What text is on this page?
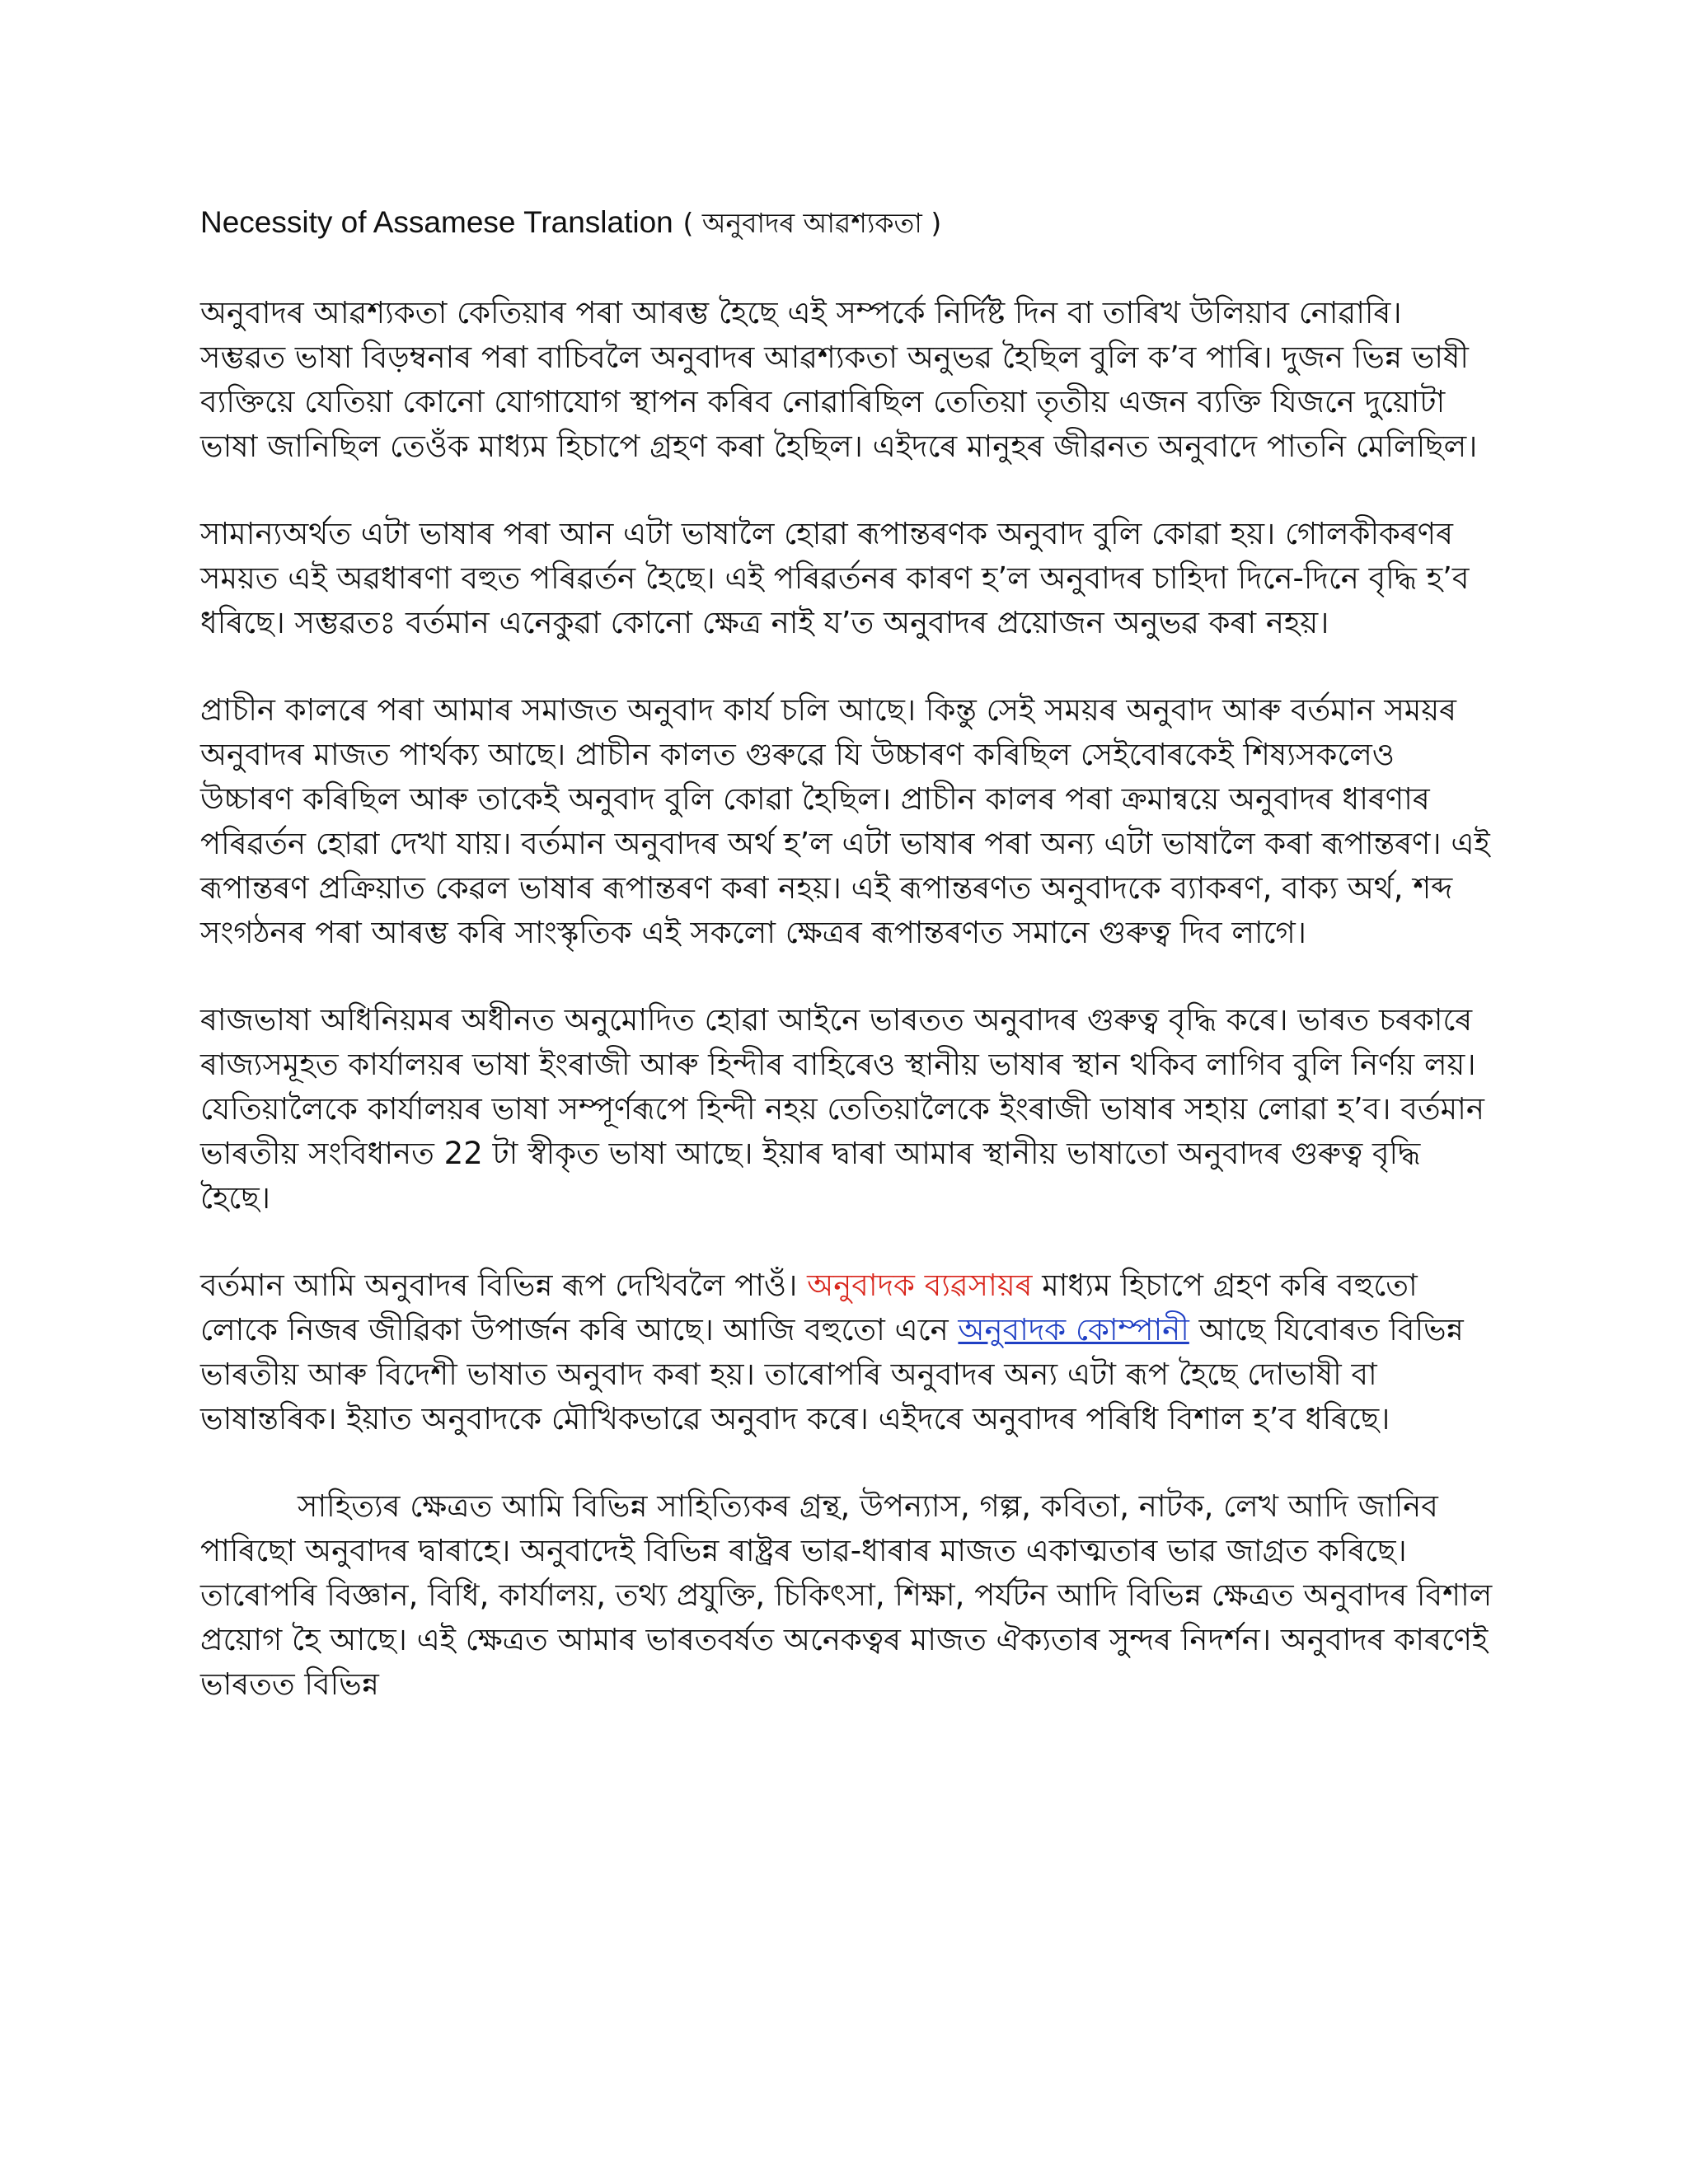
Necessity of Assamese Translation ( অনুবাদৰ আৱশ্যকতা )

অনুবাদৰ আৱশ্যকতা কেতিয়াৰ পৰা আৰম্ভ হৈছে এই সম্পৰ্কে নিৰ্দিষ্ট দিন বা তাৰিখ উলিয়াব নোৱাৰি। সম্ভৱত ভাষা বিড়ম্বনাৰ পৰা বাচিবলৈ অনুবাদৰ আৱশ্যকতা অনুভৱ হৈছিল বুলি ক’ব পাৰি। দুজন ভিন্ন ভাষী ব্যক্তিয়ে যেতিয়া কোনো যোগাযোগ স্থাপন কৰিব নোৱাৰিছিল তেতিয়া তৃতীয় এজন ব্যক্তি যিজনে দুয়োটা ভাষা জানিছিল তেওঁক মাধ্যম হিচাপে গ্ৰহণ কৰা হৈছিল। এইদৰে মানুহৰ জীৱনত অনুবাদে পাতনি মেলিছিল।

সামান্যঅৰ্থত এটা ভাষাৰ পৰা আন এটা ভাষালৈ হোৱা ৰূপান্তৰণক অনুবাদ বুলি কোৱা হয়। গোলকীকৰণৰ সময়ত এই অৱধাৰণা বহুত পৰিৱৰ্তন হৈছে। এই পৰিৱৰ্তনৰ কাৰণ হ’ল অনুবাদৰ চাহিদা দিনে-দিনে বৃদ্ধি হ’ব ধৰিছে। সম্ভৱতঃ বৰ্তমান এনেকুৱা কোনো ক্ষেত্ৰ নাই য’ত অনুবাদৰ প্ৰয়োজন অনুভৱ কৰা নহয়।

প্ৰাচীন কালৰে পৰা আমাৰ সমাজত অনুবাদ কাৰ্য চলি আছে। কিন্তু সেই সময়ৰ অনুবাদ আৰু বৰ্তমান সময়ৰ অনুবাদৰ মাজত পাৰ্থক্য আছে। প্ৰাচীন কালত গুৰুৱে যি উচ্চাৰণ কৰিছিল সেইবোৰকেই শিষ্যসকলেও উচ্চাৰণ কৰিছিল আৰু তাকেই অনুবাদ বুলি কোৱা হৈছিল। প্ৰাচীন কালৰ পৰা ক্ৰমান্বয়ে অনুবাদৰ ধাৰণাৰ পৰিৱৰ্তন হোৱা দেখা যায়। বৰ্তমান অনুবাদৰ অৰ্থ হ’ল এটা ভাষাৰ পৰা অন্য এটা ভাষালৈ কৰা ৰূপান্তৰণ। এই ৰূপান্তৰণ প্ৰক্ৰিয়াত কেৱল ভাষাৰ ৰূপান্তৰণ কৰা নহয়। এই ৰূপান্তৰণত অনুবাদকে ব্যাকৰণ, বাক্য অৰ্থ, শব্দ সংগঠনৰ পৰা আৰম্ভ কৰি সাংস্কৃতিক এই সকলো ক্ষেত্ৰৰ ৰূপান্তৰণত সমানে গুৰুত্ব দিব লাগে।

ৰাজভাষা অধিনিয়মৰ অধীনত অনুমোদিত হোৱা আইনে ভাৰতত অনুবাদৰ গুৰুত্ব বৃদ্ধি কৰে। ভাৰত চৰকাৰে ৰাজ্যসমূহত কাৰ্যালয়ৰ ভাষা ইংৰাজী আৰু হিন্দীৰ বাহিৰেও স্থানীয় ভাষাৰ স্থান থকিব লাগিব বুলি নিৰ্ণয় লয়। যেতিয়ালৈকে কাৰ্যালয়ৰ ভাষা সম্পূৰ্ণৰূপে হিন্দী নহয় তেতিয়ালৈকে ইংৰাজী ভাষাৰ সহায় লোৱা হ’ব। বৰ্তমান ভাৰতীয় সংবিধানত 22 টা স্বীকৃত ভাষা আছে। ইয়াৰ দ্বাৰা আমাৰ স্থানীয় ভাষাতো অনুবাদৰ গুৰুত্ব বৃদ্ধি হৈছে।

বৰ্তমান আমি অনুবাদৰ বিভিন্ন ৰূপ দেখিবলৈ পাওঁ। অনুবাদক ব্যৱসায়ৰ মাধ্যম হিচাপে গ্ৰহণ কৰি বহুতো লোকে নিজৰ জীৱিকা উপাৰ্জন কৰি আছে। আজি বহুতো এনে অনুবাদক কোম্পানী আছে যিবোৰত বিভিন্ন ভাৰতীয় আৰু বিদেশী ভাষাত অনুবাদ কৰা হয়। তাৰোপৰি অনুবাদৰ অন্য এটা ৰূপ হৈছে দোভাষী বা ভাষান্তৰিক। ইয়াত অনুবাদকে মৌখিকভাৱে অনুবাদ কৰে। এইদৰে অনুবাদৰ পৰিধি বিশাল হ’ব ধৰিছে।

সাহিত্যৰ ক্ষেত্ৰত আমি বিভিন্ন সাহিত্যিকৰ গ্ৰন্থ, উপন্যাস, গল্প, কবিতা, নাটক, লেখ আদি জানিব পাৰিছো অনুবাদৰ দ্বাৰাহে। অনুবাদেই বিভিন্ন ৰাষ্ট্ৰৰ ভাৱ-ধাৰাৰ মাজত একাত্মতাৰ ভাৱ জাগ্ৰত কৰিছে। তাৰোপৰি বিজ্ঞান, বিধি, কাৰ্যালয়, তথ্য প্ৰযুক্তি, চিকিৎসা, শিক্ষা, পৰ্যটন আদি বিভিন্ন ক্ষেত্ৰত অনুবাদৰ বিশাল প্ৰয়োগ হৈ আছে। এই ক্ষেত্ৰত আমাৰ ভাৰতবৰ্ষত অনেকত্বৰ মাজত ঐক্যতাৰ সুন্দৰ নিদৰ্শন। অনুবাদৰ কাৰণেই ভাৰতত বিভিন্ন
